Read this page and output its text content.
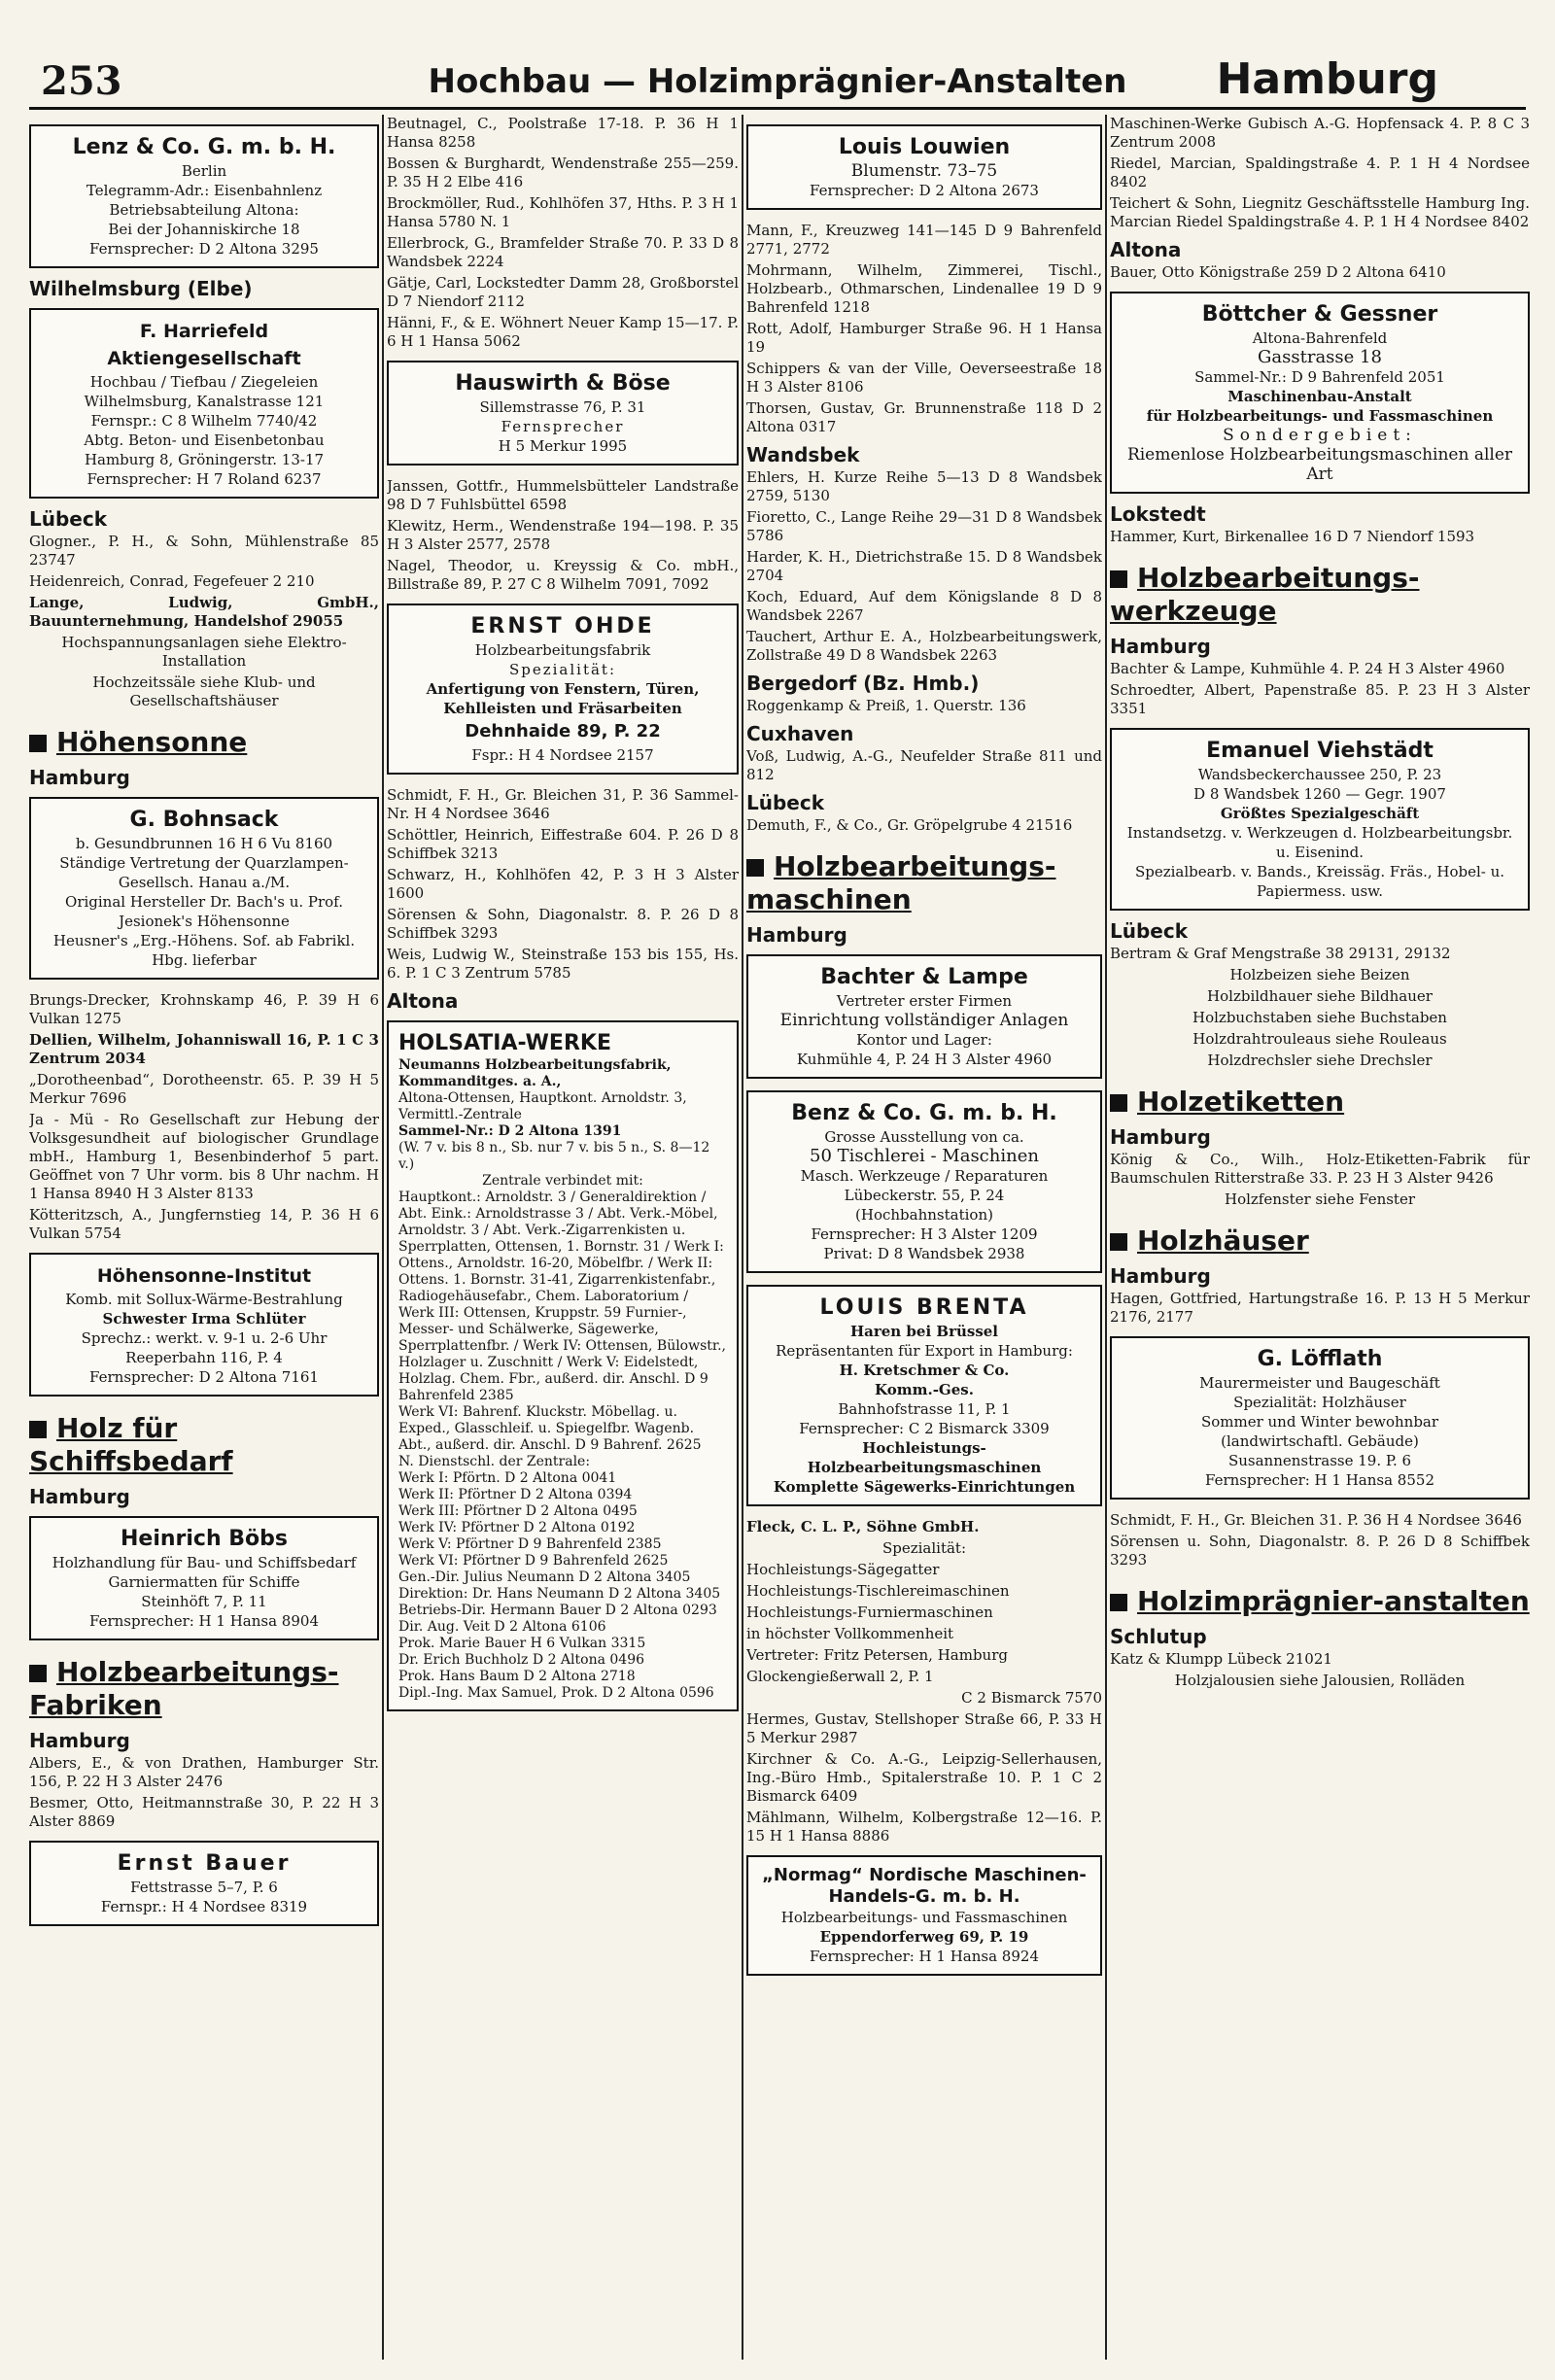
253	Hochbau — Holzimprägnier-Anstalten	Hamburg
Lenz & Co. G. m. b. H.
Berlin
Telegramm-Adr.: Eisenbahnlenz
Betriebsabteilung Altona:
Bei der Johanniskirche 18
Fernsprecher: D 2 Altona 3295
Wilhelmsburg (Elbe)
F. Harriefeld Aktiengesellschaft
Hochbau / Tiefbau / Ziegeleien
Wilhelmsburg, Kanalstrasse 121
Fernspr.: C 8 Wilhelm 7740/42
Abtg. Beton- und Eisenbetonbau
Hamburg 8, Gröningerstr. 13-17
Fernsprecher: H 7 Roland 6237
Lübeck
Glogner., P. H., & Sohn, Mühlenstraße 85 23747
Heidenreich, Conrad, Fegefeuer 2 210
Lange, Ludwig, GmbH., Bauunternehmung, Handelshof 29055
Hochspannungsanlagen siehe Elektro-Installation
Hochzeitssäle siehe Klub- und Gesellschaftshäuser
Höhensonne
Hamburg
G. Bohnsack
b. Gesundbrunnen 16 H 6 Vu 8160
Ständige Vertretung der Quarzlampen-Gesellsch. Hanau a./M.
Original Hersteller Dr. Bach's u. Prof. Jesionek's Höhensonne
Heusner's „Erg.-Höhens. Sof. ab Fabrikl. Hbg. lieferbar
Brungs-Drecker, Krohnskamp 46, P. 39 H 6 Vulkan 1275
Dellien, Wilhelm, Johanniswall 16, P. 1 C 3 Zentrum 2034
„Dorotheenbad“, Dorotheenstr. 65. P. 39 H 5 Merkur 7696
Ja - Mü - Ro Gesellschaft zur Hebung der Volksgesundheit auf biologischer Grundlage mbH., Hamburg 1, Besenbinderhof 5 part. Geöffnet von 7 Uhr vorm. bis 8 Uhr nachm. H 1 Hansa 8940 H 3 Alster 8133
Kötteritzsch, A., Jungfernstieg 14, P. 36 H 6 Vulkan 5754
Höhensonne-Institut
Komb. mit Sollux-Wärme-Bestrahlung
Schwester Irma Schlüter
Sprechz.: werkt. v. 9-1 u. 2-6 Uhr
Reeperbahn 116, P. 4
Fernsprecher: D 2 Altona 7161
Holz für Schiffsbedarf
Hamburg
Heinrich Böbs
Holzhandlung für Bau- und Schiffsbedarf
Garniermatten für Schiffe
Steinhöft 7, P. 11
Fernsprecher: H 1 Hansa 8904
Holzbearbeitungs-Fabriken
Hamburg
Albers, E., & von Drathen, Hamburger Str. 156, P. 22 H 3 Alster 2476
Besmer, Otto, Heitmannstraße 30, P. 22 H 3 Alster 8869
Ernst Bauer
Fettstrasse 5–7, P. 6
Fernspr.: H 4 Nordsee 8319
Beutnagel, C., Poolstraße 17-18. P. 36 H 1 Hansa 8258
Bossen & Burghardt, Wendenstraße 255—259. P. 35 H 2 Elbe 416
Brockmöller, Rud., Kohlhöfen 37, Hths. P. 3 H 1 Hansa 5780 N. 1
Ellerbrock, G., Bramfelder Straße 70. P. 33 D 8 Wandsbek 2224
Gätje, Carl, Lockstedter Damm 28, Großborstel D 7 Niendorf 2112
Hänni, F., & E. Wöhnert Neuer Kamp 15—17. P. 6 H 1 Hansa 5062
Hauswirth & Böse
Sillemstrasse 76, P. 31
Fernsprecher
H 5 Merkur 1995
Janssen, Gottfr., Hummelsbütteler Landstraße 98 D 7 Fuhlsbüttel 6598
Klewitz, Herm., Wendenstraße 194—198. P. 35 H 3 Alster 2577, 2578
Nagel, Theodor, u. Kreyssig & Co. mbH., Billstraße 89, P. 27 C 8 Wilhelm 7091, 7092
ERNST OHDE
Holzbearbeitungsfabrik
Spezialität:
Anfertigung von Fenstern, Türen, Kehlleisten und Fräsarbeiten
Dehnhaide 89, P. 22
Fspr.: H 4 Nordsee 2157
Schmidt, F. H., Gr. Bleichen 31, P. 36 Sammel-Nr. H 4 Nordsee 3646
Schöttler, Heinrich, Eiffestraße 604. P. 26 D 8 Schiffbek 3213
Schwarz, H., Kohlhöfen 42, P. 3 H 3 Alster 1600
Sörensen & Sohn, Diagonalstr. 8. P. 26 D 8 Schiffbek 3293
Weis, Ludwig W., Steinstraße 153 bis 155, Hs. 6. P. 1 C 3 Zentrum 5785
Altona
HOLSATIA-WERKE
Neumanns Holzbearbeitungsfabrik, Kommanditges. a. A.,
Altona-Ottensen, Hauptkont. Arnoldstr. 3, Vermittl.-Zentrale
Sammel-Nr.: D 2 Altona 1391
(W. 7 v. bis 8 n., Sb. nur 7 v. bis 5 n., S. 8—12 v.)
Zentrale verbindet mit:
Hauptkont.: Arnoldstr. 3 / Generaldirektion / Abt. Eink.: Arnoldstrasse 3 / Abt. Verk.-Möbel, Arnoldstr. 3 / Abt. Verk.-Zigarrenkisten u. Sperrplatten, Ottensen, 1. Bornstr. 31 / Werk I: Ottens., Arnoldstr. 16-20, Möbelfbr. / Werk II: Ottens. 1. Bornstr. 31-41, Zigarrenkistenfabr., Radiogehäusefabr., Chem. Laboratorium / Werk III: Ottensen, Kruppstr. 59 Furnier-, Messer- und Schälwerke, Sägewerke, Sperrplattenfbr. / Werk IV: Ottensen, Bülowstr., Holzlager u. Zuschnitt / Werk V: Eidelstedt, Holzlag. Chem. Fbr., außerd. dir. Anschl. D 9 Bahrenfeld 2385
Werk VI: Bahrenf. Kluckstr. Möbellag. u. Exped., Glasschleif. u. Spiegelfbr. Wagenb. Abt., außerd. dir. Anschl. D 9 Bahrenf. 2625
N. Dienstschl. der Zentrale:
Werk I: Pförtn. D 2 Altona 0041
Werk II: Pförtner D 2 Altona 0394
Werk III: Pförtner D 2 Altona 0495
Werk IV: Pförtner D 2 Altona 0192
Werk V: Pförtner D 9 Bahrenfeld 2385
Werk VI: Pförtner D 9 Bahrenfeld 2625
Gen.-Dir. Julius Neumann D 2 Altona 3405
Direktion: Dr. Hans Neumann D 2 Altona 3405
Betriebs-Dir. Hermann Bauer D 2 Altona 0293
Dir. Aug. Veit D 2 Altona 6106
Prok. Marie Bauer H 6 Vulkan 3315
Dr. Erich Buchholz D 2 Altona 0496
Prok. Hans Baum D 2 Altona 2718
Dipl.-Ing. Max Samuel, Prok. D 2 Altona 0596
Louis Louwien
Blumenstr. 73–75
Fernsprecher: D 2 Altona 2673
Mann, F., Kreuzweg 141—145 D 9 Bahrenfeld 2771, 2772
Mohrmann, Wilhelm, Zimmerei, Tischl., Holzbearb., Othmarschen, Lindenallee 19 D 9 Bahrenfeld 1218
Rott, Adolf, Hamburger Straße 96. H 1 Hansa 19
Schippers & van der Ville, Oeverseestraße 18 H 3 Alster 8106
Thorsen, Gustav, Gr. Brunnenstraße 118 D 2 Altona 0317
Wandsbek
Ehlers, H. Kurze Reihe 5—13 D 8 Wandsbek 2759, 5130
Fioretto, C., Lange Reihe 29—31 D 8 Wandsbek 5786
Harder, K. H., Dietrichstraße 15. D 8 Wandsbek 2704
Koch, Eduard, Auf dem Königslande 8 D 8 Wandsbek 2267
Tauchert, Arthur E. A., Holzbearbeitungswerk, Zollstraße 49 D 8 Wandsbek 2263
Bergedorf (Bz. Hmb.)
Roggenkamp & Preiß, 1. Querstr. 136
Cuxhaven
Voß, Ludwig, A.-G., Neufelder Straße 811 und 812
Lübeck
Demuth, F., & Co., Gr. Gröpelgrube 4 21516
Holzbearbeitungs-maschinen
Hamburg
Bachter & Lampe
Vertreter erster Firmen
Einrichtung vollständiger Anlagen
Kontor und Lager:
Kuhmühle 4, P. 24 H 3 Alster 4960
Benz & Co. G. m. b. H.
Grosse Ausstellung von ca.
50 Tischlerei - Maschinen
Masch. Werkzeuge / Reparaturen
Lübeckerstr. 55, P. 24
(Hochbahnstation)
Fernsprecher: H 3 Alster 1209
Privat: D 8 Wandsbek 2938
LOUIS BRENTA
Haren bei Brüssel
Repräsentanten für Export in Hamburg:
H. Kretschmer & Co.
Komm.-Ges.
Bahnhofstrasse 11, P. 1
Fernsprecher: C 2 Bismarck 3309
Hochleistungs-Holzbearbeitungsmaschinen
Komplette Sägewerks-Einrichtungen
Fleck, C. L. P., Söhne GmbH.
Spezialität:
Hochleistungs-Sägegatter
Hochleistungs-Tischlereimaschinen
Hochleistungs-Furniermaschinen
in höchster Vollkommenheit
Vertreter: Fritz Petersen, Hamburg
Glockengießerwall 2, P. 1
C 2 Bismarck 7570
Hermes, Gustav, Stellshoper Straße 66, P. 33 H 5 Merkur 2987
Kirchner & Co. A.-G., Leipzig-Sellerhausen, Ing.-Büro Hmb., Spitalerstraße 10. P. 1 C 2 Bismarck 6409
Mählmann, Wilhelm, Kolbergstraße 12—16. P. 15 H 1 Hansa 8886
„Normag“ Nordische Maschinen-Handels-G. m. b. H.
Holzbearbeitungs- und Fassmaschinen
Eppendorferweg 69, P. 19
Fernsprecher: H 1 Hansa 8924
Maschinen-Werke Gubisch A.-G. Hopfensack 4. P. 8 C 3 Zentrum 2008
Riedel, Marcian, Spaldingstraße 4. P. 1 H 4 Nordsee 8402
Teichert & Sohn, Liegnitz Geschäftsstelle Hamburg Ing. Marcian Riedel Spaldingstraße 4. P. 1 H 4 Nordsee 8402
Altona
Bauer, Otto Königstraße 259 D 2 Altona 6410
Böttcher & Gessner
Altona-Bahrenfeld
Gasstrasse 18
Sammel-Nr.: D 9 Bahrenfeld 2051
Maschinenbau-Anstalt
für Holzbearbeitungs- und Fassmaschinen
Sondergebiet:
Riemenlose Holzbearbeitungsmaschinen aller Art
Lokstedt
Hammer, Kurt, Birkenallee 16 D 7 Niendorf 1593
Holzbearbeitungs-werkzeuge
Hamburg
Bachter & Lampe, Kuhmühle 4. P. 24 H 3 Alster 4960
Schroedter, Albert, Papenstraße 85. P. 23 H 3 Alster 3351
Emanuel Viehstädt
Wandsbeckerchaussee 250, P. 23
D 8 Wandsbek 1260 — Gegr. 1907
Größtes Spezialgeschäft
Instandsetzg. v. Werkzeugen d. Holzbearbeitungsbr. u. Eisenind.
Spezialbearb. v. Bands., Kreissäg. Fräs., Hobel- u. Papiermess. usw.
Lübeck
Bertram & Graf Mengstraße 38 29131, 29132
Holzbeizen siehe Beizen
Holzbildhauer siehe Bildhauer
Holzbuchstaben siehe Buchstaben
Holzdrahtrouleaus siehe Rouleaus
Holzdrechsler siehe Drechsler
Holzetiketten
Hamburg
König & Co., Wilh., Holz-Etiketten-Fabrik für Baumschulen Ritterstraße 33. P. 23 H 3 Alster 9426
Holzfenster siehe Fenster
Holzhäuser
Hamburg
Hagen, Gottfried, Hartungstraße 16. P. 13 H 5 Merkur 2176, 2177
G. Löfflath
Maurermeister und Baugeschäft
Spezialität: Holzhäuser
Sommer und Winter bewohnbar
(landwirtschaftl. Gebäude)
Susannenstrasse 19. P. 6
Fernsprecher: H 1 Hansa 8552
Schmidt, F. H., Gr. Bleichen 31. P. 36 H 4 Nordsee 3646
Sörensen u. Sohn, Diagonalstr. 8. P. 26 D 8 Schiffbek 3293
Holzimprägnier-anstalten
Schlutup
Katz & Klumpp Lübeck 21021
Holzjalousien siehe Jalousien, Rolläden
